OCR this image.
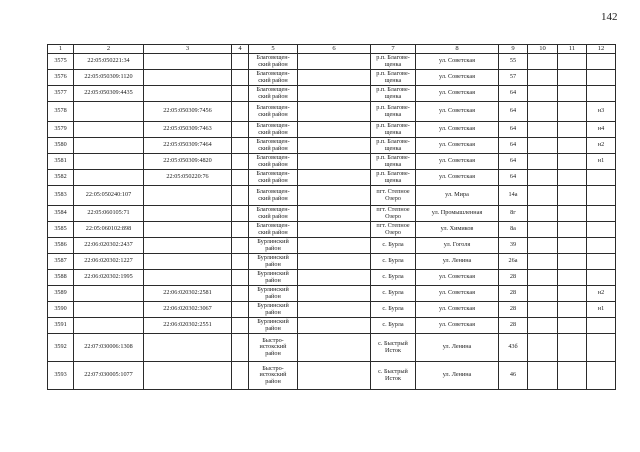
142
1	2	3	4	5	6	7	8	9	10	11	12
3575	22:05:050221:34			Благовещен-
ский район		р.п. Благове-
щенка	ул. Советская	55			
3576	22:05:050309:1120			Благовещен-
ский район		р.п. Благове-
щенка	ул. Советская	57			
3577	22:05:050309:4435			Благовещен-
ский район		р.п. Благове-
щенка	ул. Советская	64			
3578		22:05:050309:7456		Благовещен-
ский район		р.п. Благове-
щенка	ул. Советская	64			н3
3579		22:05:050309:7463		Благовещен-
ский район		р.п. Благове-
щенка	ул. Советская	64			н4
3580		22:05:050309:7464		Благовещен-
ский район		р.п. Благове-
щенка	ул. Советская	64			н2
3581		22:05:050309:4820		Благовещен-
ский район		р.п. Благове-
щенка	ул. Советская	64			н1
3582		22:05:050220:76		Благовещен-
ский район		р.п. Благове-
щенка	ул. Советская	64			
3583	22:05:050240:107			Благовещен-
ский район		пгт. Степное
Озеро	ул. Мира	14а			
3584	22:05:060105:71			Благовещен-
ский район		пгт. Степное
Озеро	ул. Промышленная	8г			
3585	22:05:060102:898			Благовещен-
ский район		пгт. Степное
Озеро	ул. Химиков	8а			
3586	22:06:020302:2437			Бурлинский
район		с. Бурла	ул. Гоголя	39			
3587	22:06:020302:1227			Бурлинский
район		с. Бурла	ул. Ленина	26а			
3588	22:06:020302:1995			Бурлинский
район		с. Бурла	ул. Советская	28			
3589		22:06:020302:2581		Бурлинский
район		с. Бурла	ул. Советская	28			н2
3590		22:06:020302:3067		Бурлинский
район		с. Бурла	ул. Советская	28			н1
3591		22:06:020302:2551		Бурлинский
район		с. Бурла	ул. Советская	28			
3592	22:07:030006:1308			Быстро-
истокский
район		с. Быстрый
Исток	ул. Ленина	43б			
3593	22:07:030005:1077			Быстро-
истокский
район		с. Быстрый
Исток	ул. Ленина	46			
